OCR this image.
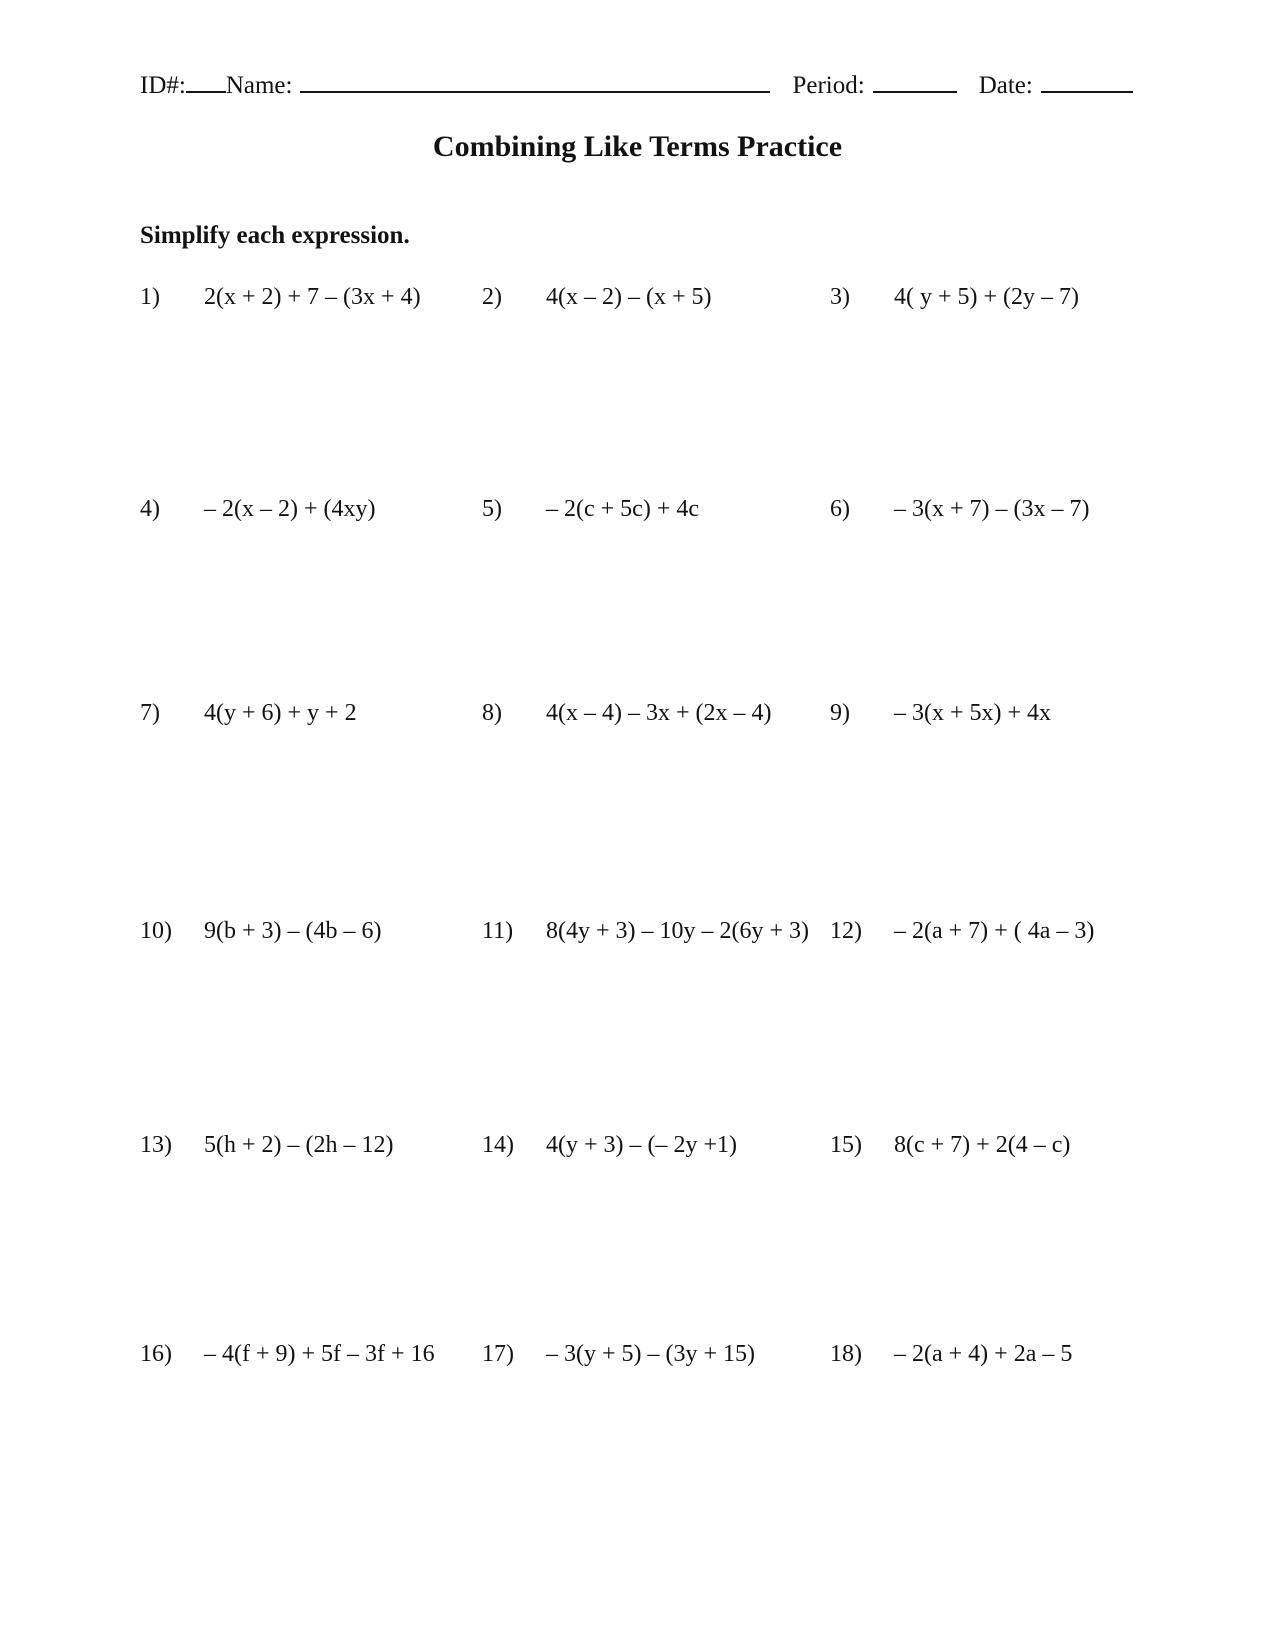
ID#: Name:	Period:	Date:
Combining Like Terms Practice
Simplify each expression.
1)	2(x + 2) + 7 – (3x + 4)	2)	4(x – 2) – (x + 5)	3)	4( y + 5) + (2y – 7)
4)	– 2(x – 2) + (4xy)	5)	– 2(c + 5c) + 4c	6)	– 3(x + 7) – (3x – 7)
7)	4(y + 6) + y + 2	8)	4(x – 4) – 3x + (2x – 4) 9)	– 3(x + 5x) + 4x
10)	9(b + 3) – (4b – 6)	11)	8(4y + 3) – 10y – 2(6y + 3) 12)	– 2(a + 7) + ( 4a – 3)
13)	5(h + 2) – (2h – 12)	14)	4(y + 3) – (– 2y +1)	15)	8(c + 7) + 2(4 – c)
16)	– 4(f + 9) + 5f – 3f + 16 17)	– 3(y + 5) – (3y + 15)	18)	– 2(a + 4) + 2a – 5
